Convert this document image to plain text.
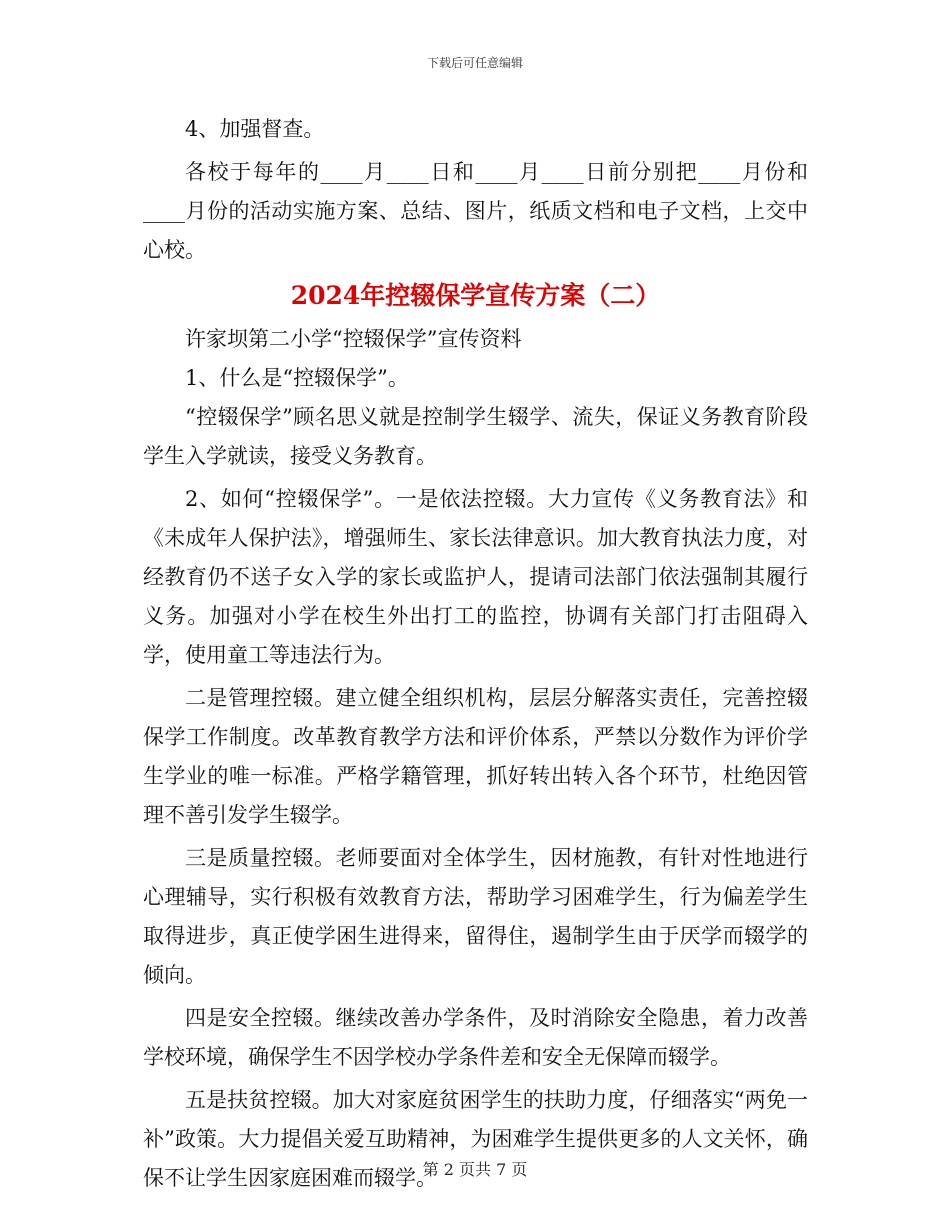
下载后可任意编辑

4、加强督查。

各校于每年的____月____日和____月____日前分别把____月份和____月份的活动实施方案、总结、图片，纸质文档和电子文档，上交中心校。

2024年控辍保学宣传方案（二）

许家坝第二小学“控辍保学”宣传资料

1、什么是“控辍保学”。

“控辍保学”顾名思义就是控制学生辍学、流失，保证义务教育阶段学生入学就读，接受义务教育。

2、如何“控辍保学”。一是依法控辍。大力宣传《义务教育法》和《未成年人保护法》，增强师生、家长法律意识。加大教育执法力度，对经教育仍不送子女入学的家长或监护人，提请司法部门依法强制其履行义务。加强对小学在校生外出打工的监控，协调有关部门打击阻碍入学，使用童工等违法行为。

二是管理控辍。建立健全组织机构，层层分解落实责任，完善控辍保学工作制度。改革教育教学方法和评价体系，严禁以分数作为评价学生学业的唯一标准。严格学籍管理，抓好转出转入各个环节，杜绝因管理不善引发学生辍学。

三是质量控辍。老师要面对全体学生，因材施教，有针对性地进行心理辅导，实行积极有效教育方法，帮助学习困难学生，行为偏差学生取得进步，真正使学困生进得来，留得住，遏制学生由于厌学而辍学的倾向。

四是安全控辍。继续改善办学条件，及时消除安全隐患，着力改善学校环境，确保学生不因学校办学条件差和安全无保障而辍学。

五是扶贫控辍。加大对家庭贫困学生的扶助力度，仔细落实“两免一补”政策。大力提倡关爱互助精神，为困难学生提供更多的人文关怀，确保不让学生因家庭困难而辍学。

第 2 页共 7 页
